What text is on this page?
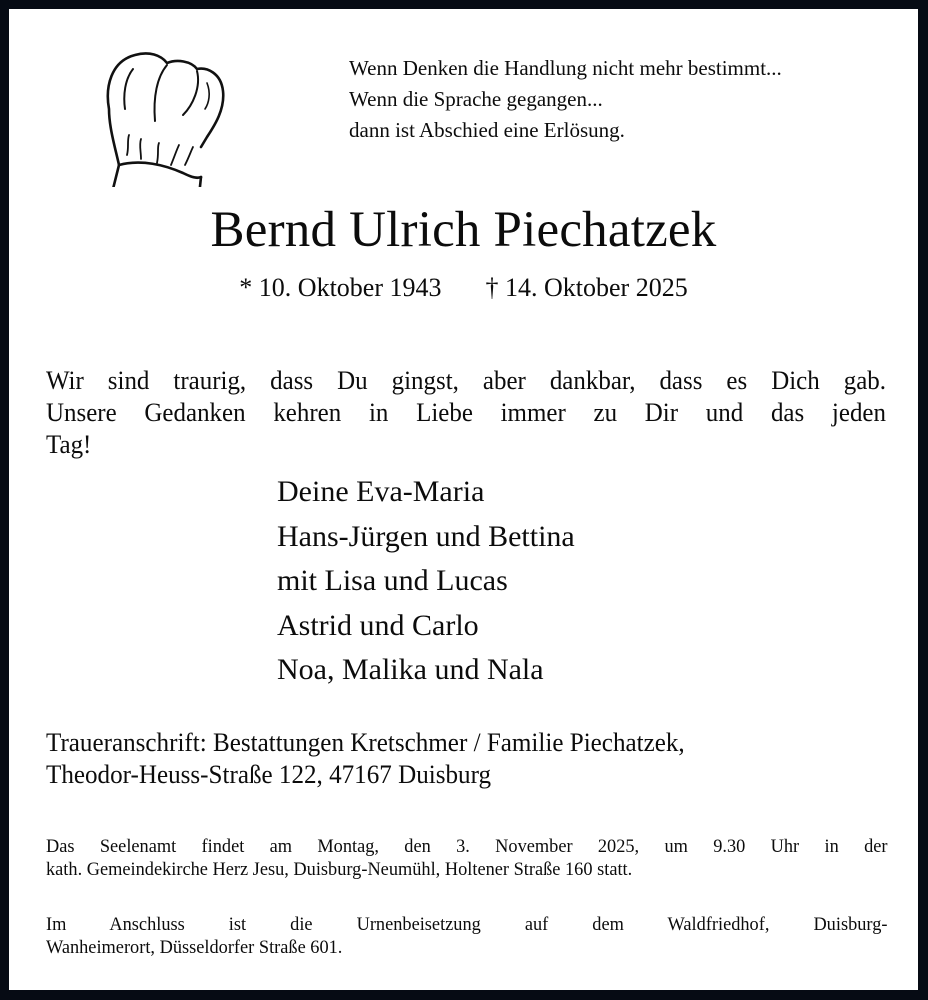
Wenn Denken die Handlung nicht mehr bestimmt...
Wenn die Sprache gegangen...
dann ist Abschied eine Erlösung.
Bernd Ulrich Piechatzek
* 10. Oktober 1943 † 14. Oktober 2025
Wir sind traurig, dass Du gingst, aber dankbar, dass es Dich gab.
Unsere Gedanken kehren in Liebe immer zu Dir und das jeden
Tag!
Deine Eva-Maria
Hans-Jürgen und Bettina
mit Lisa und Lucas
Astrid und Carlo
Noa, Malika und Nala
Traueranschrift: Bestattungen Kretschmer / Familie Piechatzek,
Theodor-Heuss-Straße 122, 47167 Duisburg
Das Seelenamt findet am Montag, den 3. November 2025, um 9.30 Uhr in der
kath. Gemeindekirche Herz Jesu, Duisburg-Neumühl, Holtener Straße 160 statt.
Im Anschluss ist die Urnenbeisetzung auf dem Waldfriedhof, Duisburg-
Wanheimerort, Düsseldorfer Straße 601.
